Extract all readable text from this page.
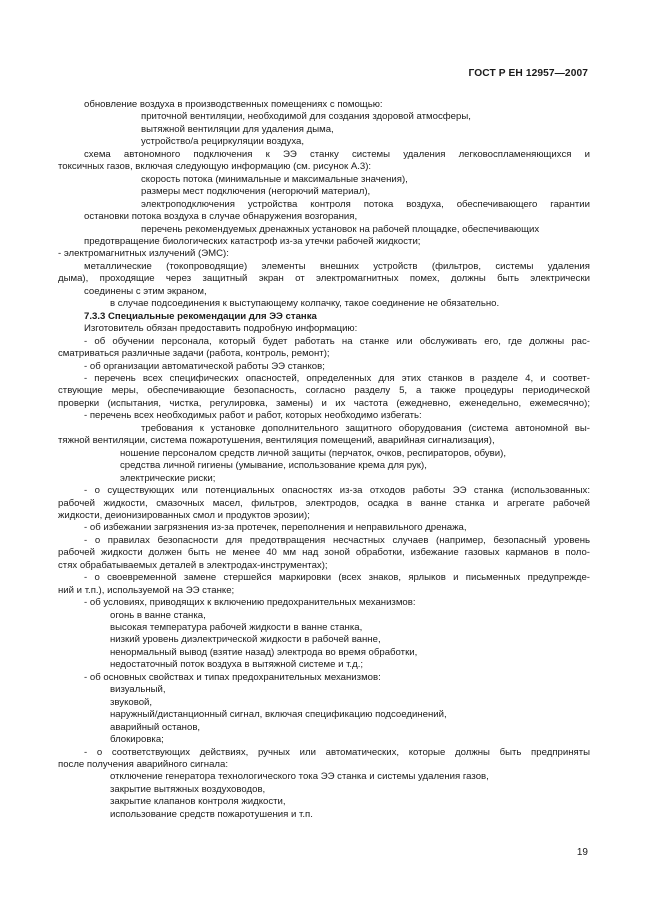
ГОСТ Р ЕН 12957—2007
обновление воздуха в производственных помещениях с помощью:
приточной вентиляции, необходимой для создания здоровой атмосферы,
вытяжной вентиляции для удаления дыма,
устройство/а рециркуляции воздуха,
схема автономного подключения к ЭЭ станку системы удаления легковоспламеняющихся и
токсичных газов, включая следующую информацию (см. рисунок А.3):
скорость потока (минимальные и максимальные значения),
размеры мест подключения (негорючий материал),
электроподключения устройства контроля потока воздуха, обеспечивающего гарантии
остановки потока воздуха в случае обнаружения возгорания,
перечень рекомендуемых дренажных установок на рабочей площадке, обеспечивающих
предотвращение биологических катастроф из-за утечки рабочей жидкости;
- электромагнитных излучений (ЭМС):
металлические (токопроводящие) элементы внешних устройств (фильтров, системы удаления
дыма), проходящие через защитный экран от электромагнитных помех, должны быть электрически
соединены с этим экраном,
в случае подсоединения к выступающему колпачку, такое соединение не обязательно.
7.3.3 Специальные рекомендации для ЭЭ станка
Изготовитель обязан предоставить подробную информацию:
- об обучении персонала, который будет работать на станке или обслуживать его, где должны рас-
сматриваться различные задачи (работа, контроль, ремонт);
- об организации автоматической работы ЭЭ станков;
- перечень всех специфических опасностей, определенных для этих станков в разделе 4, и соответ-
ствующие меры, обеспечивающие безопасность, согласно разделу 5, а также процедуры периодической
проверки (испытания, чистка, регулировка, замены) и их частота (ежедневно, еженедельно, ежемесячно);
- перечень всех необходимых работ и работ, которых необходимо избегать:
требования к установке дополнительного защитного оборудования (система автономной вы-
тяжной вентиляции, система пожаротушения, вентиляция помещений, аварийная сигнализация),
ношение персоналом средств личной защиты (перчаток, очков, респираторов, обуви),
средства личной гигиены (умывание, использование крема для рук),
электрические риски;
- о существующих или потенциальных опасностях из-за отходов работы ЭЭ станка (использованных:
рабочей жидкости, смазочных масел, фильтров, электродов, осадка в ванне станка и агрегате рабочей
жидкости, деионизированных смол и продуктов эрозии);
- об избежании загрязнения из-за протечек, переполнения и неправильного дренажа,
- о правилах безопасности для предотвращения несчастных случаев (например, безопасный уровень
рабочей жидкости должен быть не менее 40 мм над зоной обработки, избежание газовых карманов в поло-
стях обрабатываемых деталей в электродах-инструментах);
- о своевременной замене стершейся маркировки (всех знаков, ярлыков и письменных предупрежде-
ний и т.п.), используемой на ЭЭ станке;
- об условиях, приводящих к включению предохранительных механизмов:
огонь в ванне станка,
высокая температура рабочей жидкости в ванне станка,
низкий уровень диэлектрической жидкости в рабочей ванне,
ненормальный вывод (взятие назад) электрода во время обработки,
недостаточный поток воздуха в вытяжной системе и т.д.;
- об основных свойствах и типах предохранительных механизмов:
визуальный,
звуковой,
наружный/дистанционный сигнал, включая спецификацию подсоединений,
аварийный останов,
блокировка;
- о соответствующих действиях, ручных или автоматических, которые должны быть предприняты
после получения аварийного сигнала:
отключение генератора технологического тока ЭЭ станка и системы удаления газов,
закрытие вытяжных воздуховодов,
закрытие клапанов контроля жидкости,
использование средств пожаротушения и т.п.
19
